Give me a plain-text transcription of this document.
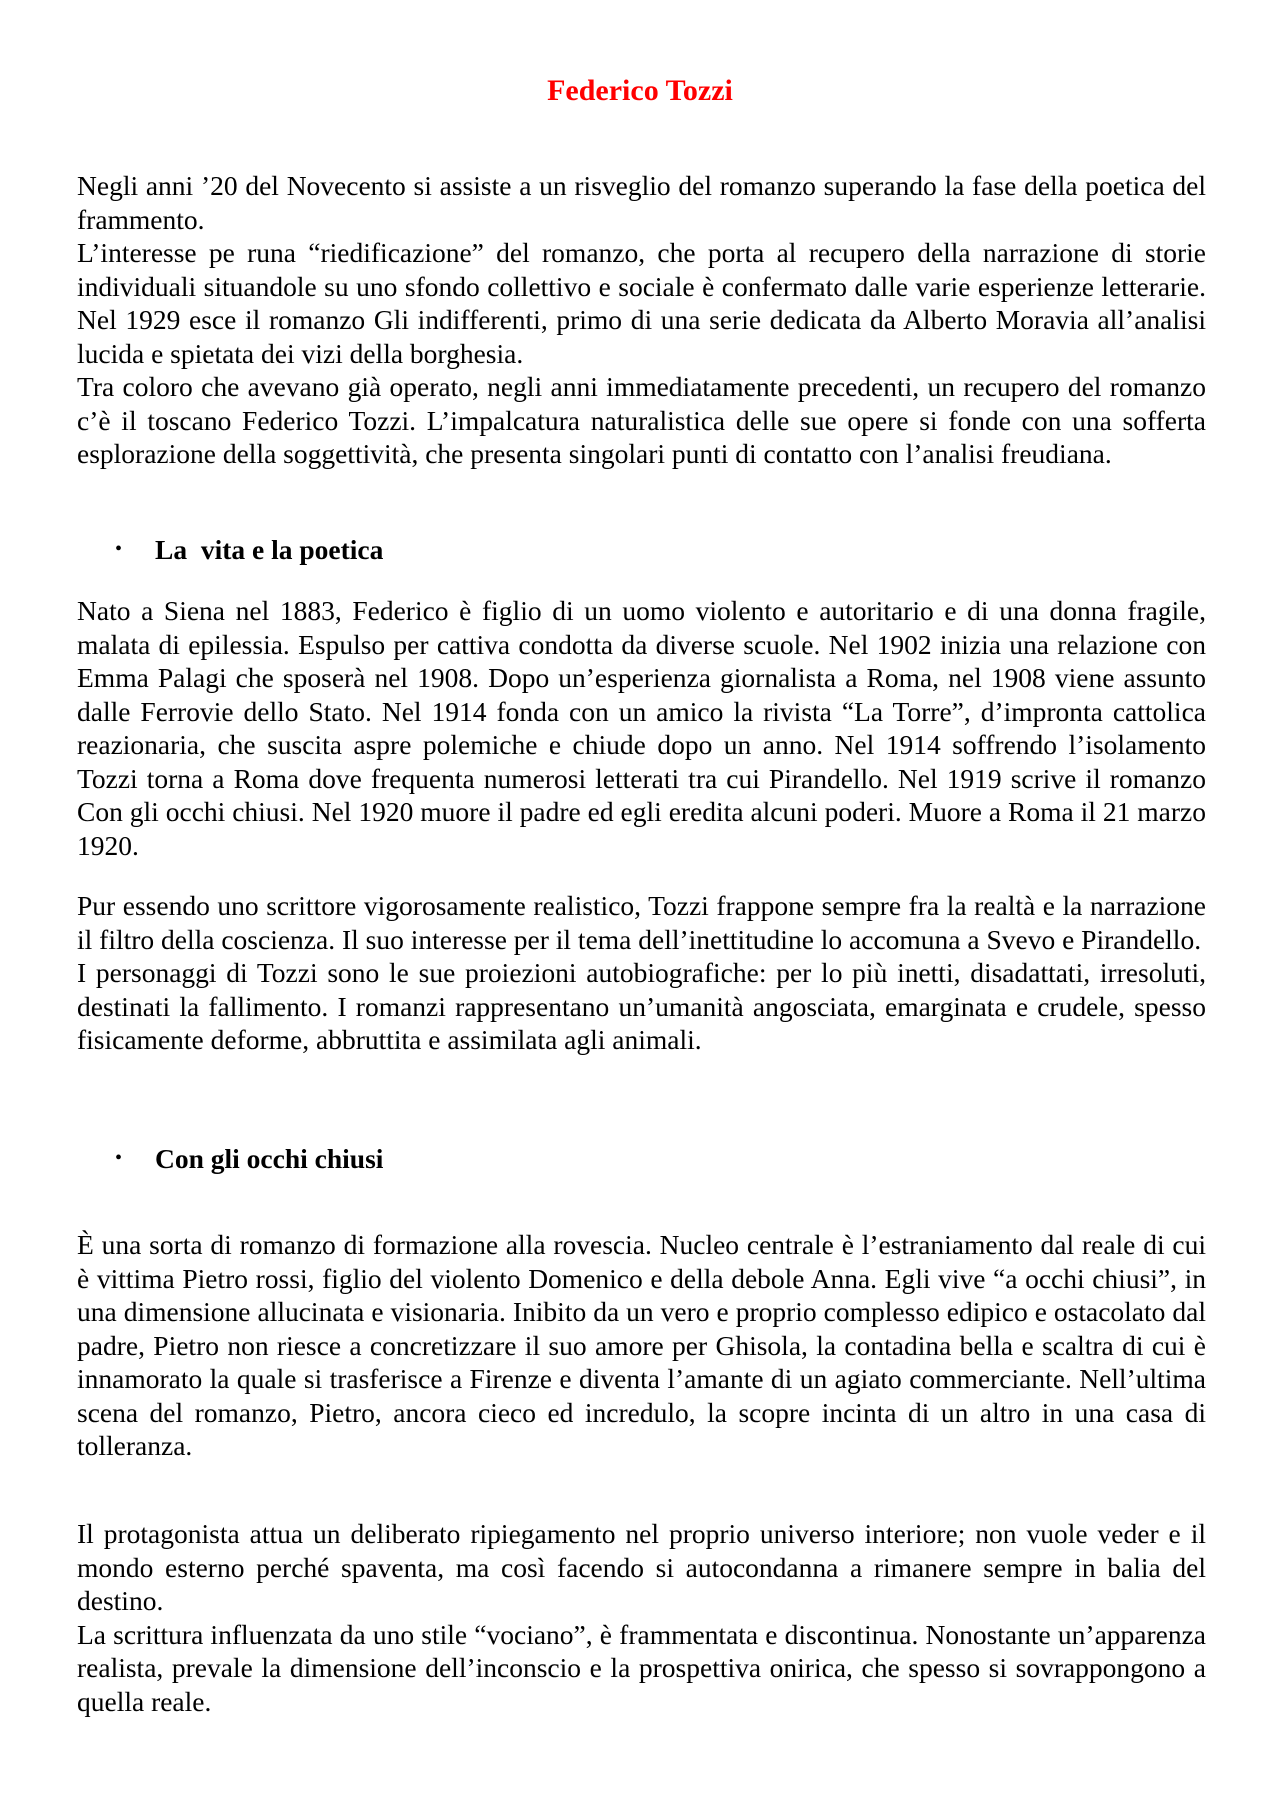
Federico Tozzi

Negli anni ’20 del Novecento si assiste a un risveglio del romanzo superando la fase della poetica del frammento.

L’interesse pe runa “riedificazione” del romanzo, che porta al recupero della narrazione di storie individuali situandole su uno sfondo collettivo e sociale è confermato dalle varie esperienze letterarie. Nel 1929 esce il romanzo Gli indifferenti, primo di una serie dedicata da Alberto Moravia all’analisi lucida e spietata dei vizi della borghesia.

Tra coloro che avevano già operato, negli anni immediatamente precedenti, un recupero del romanzo c’è il toscano Federico Tozzi. L’impalcatura naturalistica delle sue opere si fonde con una sofferta esplorazione della soggettività, che presenta singolari punti di contatto con l’analisi freudiana.

• La  vita e la poetica

Nato a Siena nel 1883, Federico è figlio di un uomo violento e autoritario e di una donna fragile, malata di epilessia. Espulso per cattiva condotta da diverse scuole. Nel 1902 inizia una relazione con Emma Palagi che sposerà nel 1908. Dopo un’esperienza giornalista a Roma, nel 1908 viene assunto dalle Ferrovie dello Stato. Nel 1914 fonda con un amico la rivista “La Torre”, d’impronta cattolica reazionaria, che suscita aspre polemiche e chiude dopo un anno. Nel 1914 soffrendo l’isolamento Tozzi torna a Roma dove frequenta numerosi letterati tra cui Pirandello. Nel 1919 scrive il romanzo Con gli occhi chiusi. Nel 1920 muore il padre ed egli eredita alcuni poderi. Muore a Roma il 21 marzo 1920.

Pur essendo uno scrittore vigorosamente realistico, Tozzi frappone sempre fra la realtà e la narrazione il filtro della coscienza. Il suo interesse per il tema dell’inettitudine lo accomuna a Svevo e Pirandello.

I personaggi di Tozzi sono le sue proiezioni autobiografiche: per lo più inetti, disadattati, irresoluti, destinati la fallimento. I romanzi rappresentano un’umanità angosciata, emarginata e crudele, spesso fisicamente deforme, abbruttita e assimilata agli animali.

• Con gli occhi chiusi

È una sorta di romanzo di formazione alla rovescia. Nucleo centrale è l’estraniamento dal reale di cui è vittima Pietro rossi, figlio del violento Domenico e della debole Anna. Egli vive “a occhi chiusi”, in una dimensione allucinata e visionaria. Inibito da un vero e proprio complesso edipico e ostacolato dal padre, Pietro non riesce a concretizzare il suo amore per Ghisola, la contadina bella e scaltra di cui è innamorato la quale si trasferisce a Firenze e diventa l’amante di un agiato commerciante. Nell’ultima scena del romanzo, Pietro, ancora cieco ed incredulo, la scopre incinta di un altro in una casa di tolleranza.

Il protagonista attua un deliberato ripiegamento nel proprio universo interiore; non vuole veder e il mondo esterno perché spaventa, ma così facendo si autocondanna a rimanere sempre in balia del destino.

La scrittura influenzata da uno stile “vociano”, è frammentata e discontinua. Nonostante un’apparenza realista, prevale la dimensione dell’inconscio e la prospettiva onirica, che spesso si sovrappongono a quella reale.
